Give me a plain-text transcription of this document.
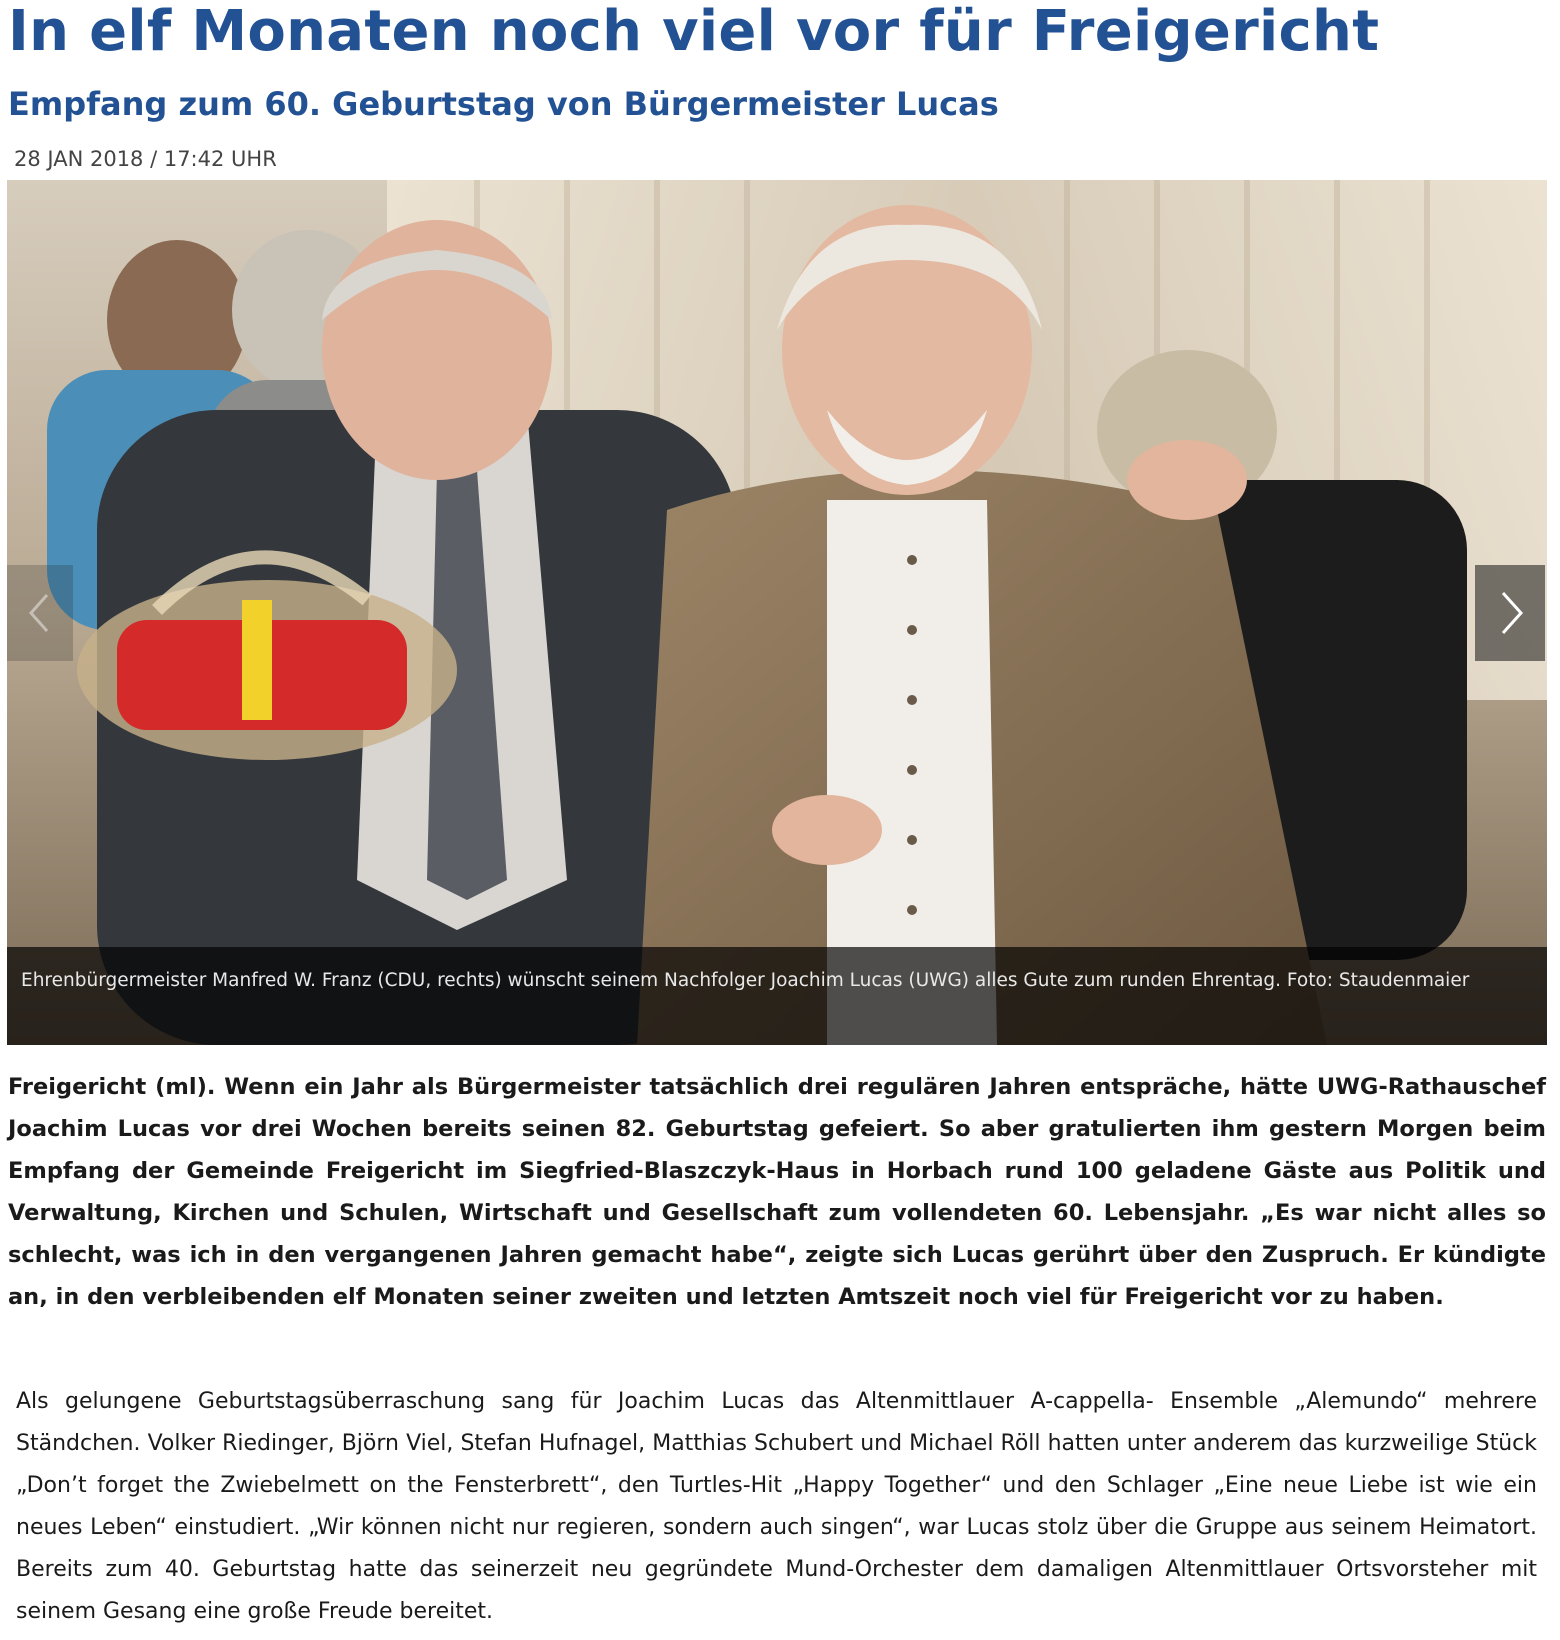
In elf Monaten noch viel vor für Freigericht
Empfang zum 60. Geburtstag von Bürgermeister Lucas
28 JAN 2018 / 17:42 UHR
Ehrenbürgermeister Manfred W. Franz (CDU, rechts) wünscht seinem Nachfolger Joachim Lucas (UWG) alles Gute zum runden Ehrentag. Foto: Staudenmaier

Freigericht (ml). Wenn ein Jahr als Bürgermeister tatsächlich drei regulären Jahren entspräche, hätte UWG-Rathauschef Joachim Lucas vor drei Wochen bereits seinen 82. Geburtstag gefeiert. So aber gratulierten ihm gestern Morgen beim Empfang der Gemeinde Freigericht im Siegfried-Blaszczyk-Haus in Horbach rund 100 geladene Gäste aus Politik und Verwaltung, Kirchen und Schulen, Wirtschaft und Gesellschaft zum vollendeten 60. Lebensjahr. „Es war nicht alles so schlecht, was ich in den vergangenen Jahren gemacht habe“, zeigte sich Lucas gerührt über den Zuspruch. Er kündigte an, in den verbleibenden elf Monaten seiner zweiten und letzten Amtszeit noch viel für Freigericht vor zu haben.

Als gelungene Geburtstagsüberraschung sang für Joachim Lucas das Altenmittlauer A-cappella- Ensemble „Alemundo“ mehrere Ständchen. Volker Riedinger, Björn Viel, Stefan Hufnagel, Matthias Schubert und Michael Röll hatten unter anderem das kurzweilige Stück „Don’t forget the Zwiebelmett on the Fensterbrett“, den Turtles-Hit „Happy Together“ und den Schlager „Eine neue Liebe ist wie ein neues Leben“ einstudiert. „Wir können nicht nur regieren, sondern auch singen“, war Lucas stolz über die Gruppe aus seinem Heimatort. Bereits zum 40. Geburtstag hatte das seinerzeit neu gegründete Mund-Orchester dem damaligen Altenmittlauer Ortsvorsteher mit seinem Gesang eine große Freude bereitet.
